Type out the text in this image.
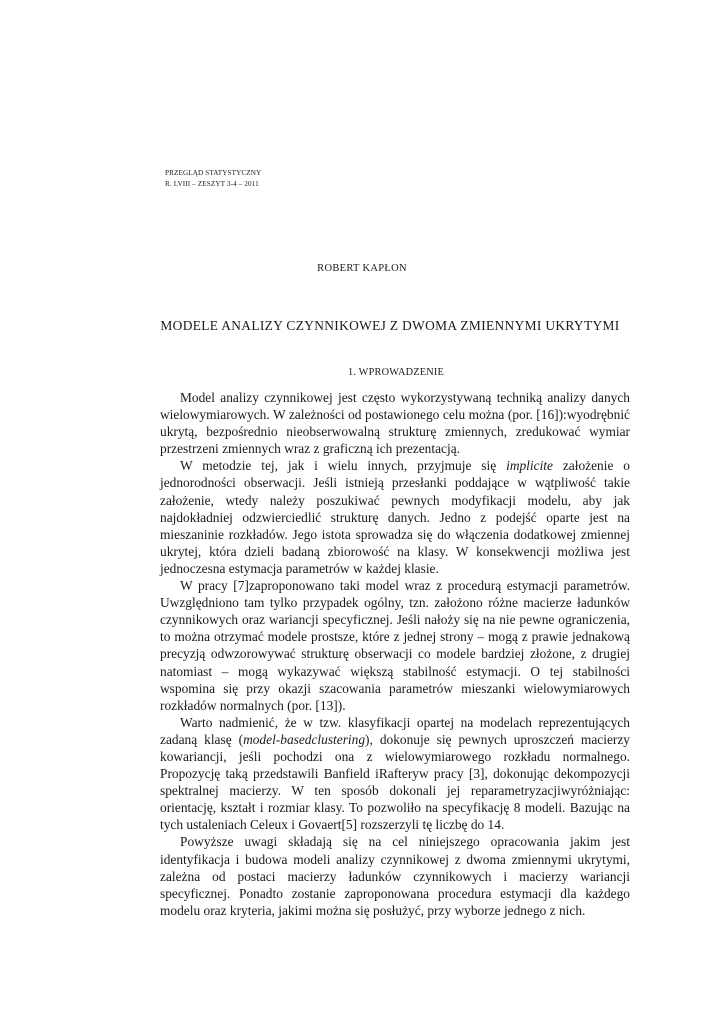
PRZEGLĄD STATYSTYCZNY
R. LVIII – ZESZYT 3-4 – 2011
ROBERT KAPŁON
MODELE ANALIZY CZYNNIKOWEJ Z DWOMA ZMIENNYMI UKRYTYMI
1. WPROWADZENIE

Model analizy czynnikowej jest często wykorzystywaną techniką analizy danych wielowymiarowych. W zależności od postawionego celu można (por. [16]):wyodrębnić ukrytą, bezpośrednio nieobserwowalną strukturę zmiennych, zredukować wymiar przestrzeni zmiennych wraz z graficzną ich prezentacją.

W metodzie tej, jak i wielu innych, przyjmuje się implicite założenie o jednorodności obserwacji. Jeśli istnieją przesłanki poddające w wątpliwość takie założenie, wtedy należy poszukiwać pewnych modyfikacji modelu, aby jak najdokładniej odzwierciedlić strukturę danych. Jedno z podejść oparte jest na mieszaninie rozkładów. Jego istota sprowadza się do włączenia dodatkowej zmiennej ukrytej, która dzieli badaną zbiorowość na klasy. W konsekwencji możliwa jest jednoczesna estymacja parametrów w każdej klasie.

W pracy [7]zaproponowano taki model wraz z procedurą estymacji parametrów. Uwzględniono tam tylko przypadek ogólny, tzn. założono różne macierze ładunków czynnikowych oraz wariancji specyficznej. Jeśli nałoży się na nie pewne ograniczenia, to można otrzymać modele prostsze, które z jednej strony – mogą z prawie jednakową precyzją odwzorowywać strukturę obserwacji co modele bardziej złożone, z drugiej natomiast – mogą wykazywać większą stabilność estymacji. O tej stabilności wspomina się przy okazji szacowania parametrów mieszanki wielowymiarowych rozkładów normalnych (por. [13]).

Warto nadmienić, że w tzw. klasyfikacji opartej na modelach reprezentujących zadaną klasę (model-basedclustering), dokonuje się pewnych uproszczeń macierzy kowariancji, jeśli pochodzi ona z wielowymiarowego rozkładu normalnego. Propozycję taką przedstawili Banfield iRafteryw pracy [3], dokonując dekompozycji spektralnej macierzy. W ten sposób dokonali jej reparametryzacjiwyróżniając: orientację, kształt i rozmiar klasy. To pozwoliło na specyfikację 8 modeli. Bazując na tych ustaleniach Celeux i Govaert[5] rozszerzyli tę liczbę do 14.

Powyższe uwagi składają się na cel niniejszego opracowania jakim jest identyfikacja i budowa modeli analizy czynnikowej z dwoma zmiennymi ukrytymi, zależna od postaci macierzy ładunków czynnikowych i macierzy wariancji specyficznej. Ponadto zostanie zaproponowana procedura estymacji dla każdego modelu oraz kryteria, jakimi można się posłużyć, przy wyborze jednego z nich.
